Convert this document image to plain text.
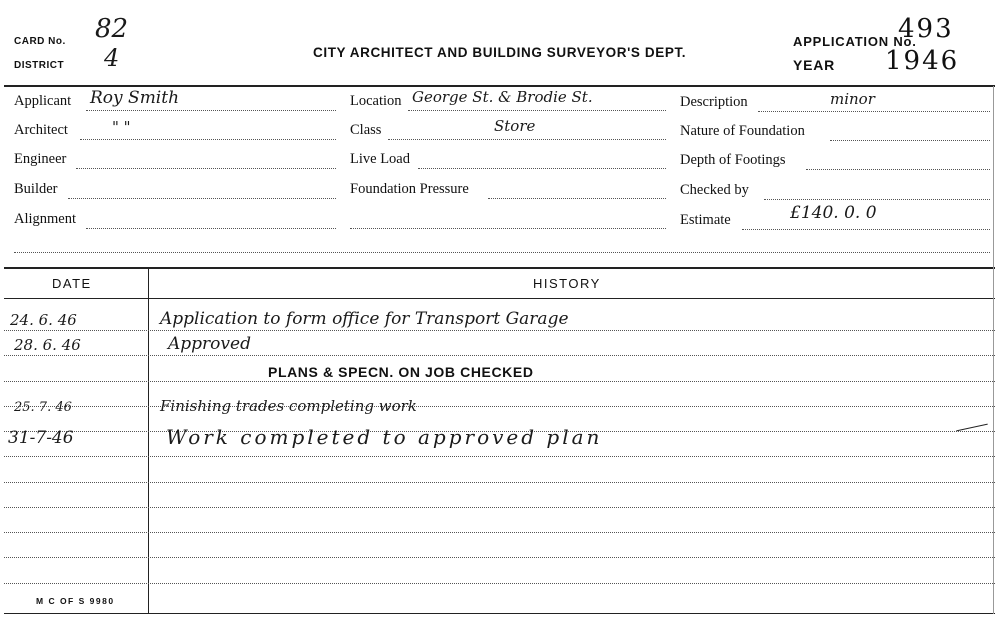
CARD No. 82
DISTRICT 4	CITY ARCHITECT AND BUILDING SURVEYOR'S DEPT.
APPLICATION No.
493
YEAR 1946
Applicant Roy Smith
Architect	" "
Engineer
Builder
Alignment
Location George St. & Brodie St.
Class	Store
Live Load
Foundation Pressure
Description	minor
Nature of Foundation
Depth of Footings
Checked by
Estimate	£140. 0. 0
DATE	HISTORY
24. 6. 46	Application to form office for Transport Garage
28. 6. 46	Approved
PLANS & SPECN. ON JOB CHECKED
25. 7. 46	Finishing trades completing work
31-7-46	Work completed to approved plan
M C OF S 9980
